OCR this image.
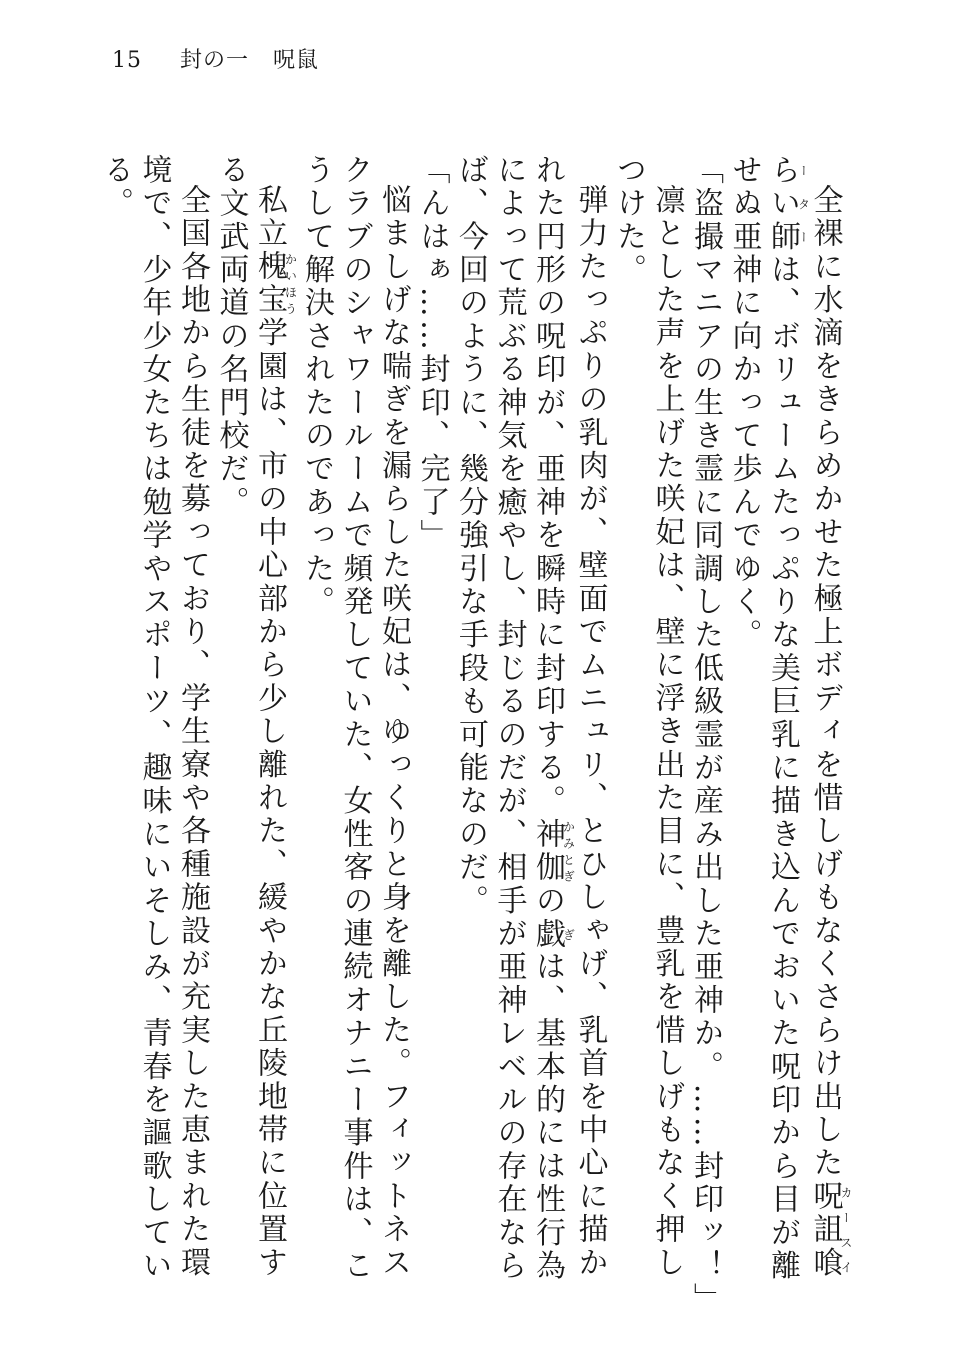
15 封の一 呪鼠

全裸に水滴をきらめかせた極上ボディを惜しげもなくさらけ出した呪詛喰らい師カースイーターは、ボリュームたっぷりな美巨乳に描き込んでおいた呪印から目が離せぬ亜神に向かって歩んでゆく。

「盗撮マニアの生き霊に同調した低級霊が産み出した亜神か。……封印ッ！」

凛とした声を上げた咲妃は、壁に浮き出た目に、豊乳を惜しげもなく押しつけた。

弾力たっぷりの乳肉が、壁面でムニュリ、とひしゃげ、乳首を中心に描かれた円形の呪印が、亜神を瞬時に封印する。神伽かみとぎの戯ぎは、基本的には性行為によって荒ぶる神気を癒やし、封じるのだが、相手が亜神レベルの存在ならば、今回のように、幾分強引な手段も可能なのだ。

「んはぁ……封印、完了」

悩ましげな喘ぎを漏らした咲妃は、ゆっくりと身を離した。フィットネスクラブのシャワールームで頻発していた、女性客の連続オナニー事件は、こうして解決されたのであった。

私立槐宝かいほう学園は、市の中心部から少し離れた、緩やかな丘陵地帯に位置する文武両道の名門校だ。

全国各地から生徒を募っており、学生寮や各種施設が充実した恵まれた環境で、少年少女たちは勉学やスポーツ、趣味にいそしみ、青春を謳歌している。
